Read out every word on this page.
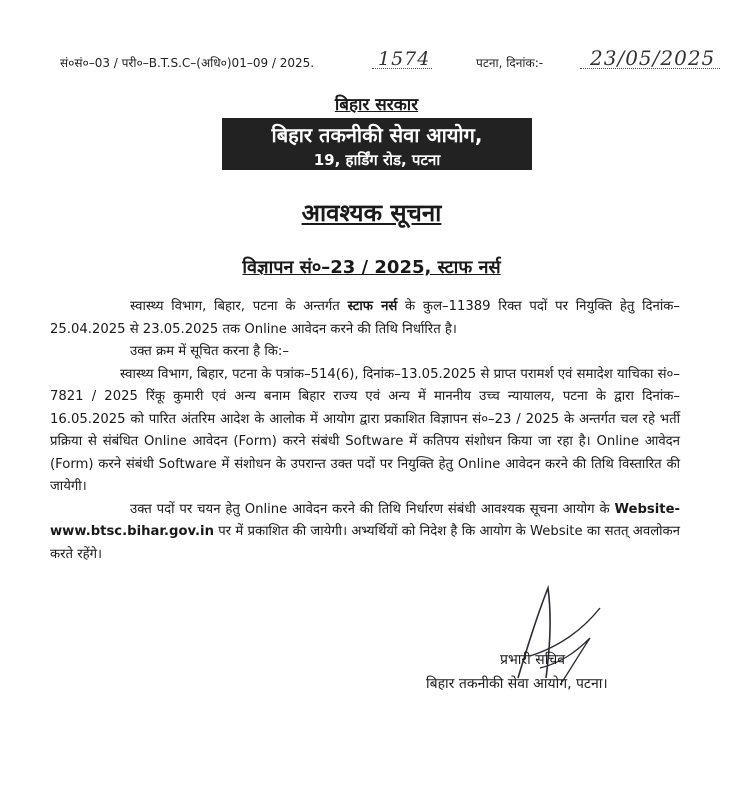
सं०सं०–03 / परी०–B.T.S.C–(अधि०)01–09 / 2025.	1574	पटना, दिनांक:- 23/05/2025
बिहार सरकार
बिहार तकनीकी सेवा आयोग,
19, हार्डिंग रोड, पटना
आवश्यक सूचना
विज्ञापन सं०–23 / 2025, स्टाफ नर्स

स्वास्थ्य विभाग, बिहार, पटना के अन्तर्गत स्टाफ नर्स के कुल–11389 रिक्त पदों पर नियुक्ति हेतु दिनांक–25.04.2025 से 23.05.2025 तक Online आवेदन करने की तिथि निर्धारित है।

उक्त क्रम में सूचित करना है कि:–

स्वास्थ्य विभाग, बिहार, पटना के पत्रांक–514(6), दिनांक–13.05.2025 से प्राप्त परामर्श एवं समादेश याचिका सं०–7821 / 2025 रिंकू कुमारी एवं अन्य बनाम बिहार राज्य एवं अन्य में माननीय उच्च न्यायालय, पटना के द्वारा दिनांक–16.05.2025 को पारित अंतरिम आदेश के आलोक में आयोग द्वारा प्रकाशित विज्ञापन सं०–23 / 2025 के अन्तर्गत चल रहे भर्ती प्रक्रिया से संबंधित Online आवेदन (Form) करने संबंधी Software में कतिपय संशोधन किया जा रहा है। Online आवेदन (Form) करने संबंधी Software में संशोधन के उपरान्त उक्त पदों पर नियुक्ति हेतु Online आवेदन करने की तिथि विस्तारित की जायेगी।

उक्त पदों पर चयन हेतु Online आवेदन करने की तिथि निर्धारण संबंधी आवश्यक सूचना आयोग के Website-www.btsc.bihar.gov.in पर में प्रकाशित की जायेगी। अभ्यर्थियों को निदेश है कि आयोग के Website का सतत् अवलोकन करते रहेंगे।

प्रभारी सचिव
बिहार तकनीकी सेवा आयोग, पटना।
